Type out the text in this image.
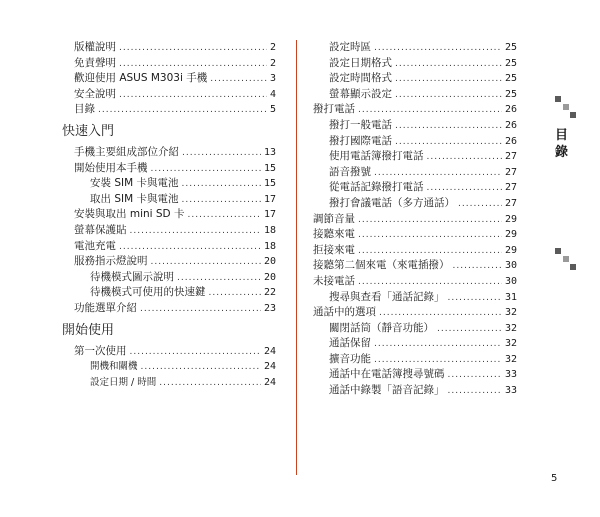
版權說明 .....	2
免責聲明 .....	2
歡迎使用 ASUS M303i 手機 .....	3
安全說明 .....	4
目錄 .....	5
快速入門
手機主要組成部位介紹 .....	13
開始使用本手機 .....	15
安裝 SIM 卡與電池 .....	15
取出 SIM 卡與電池 .....	17
安裝與取出 mini SD 卡 .....	17
螢幕保護貼 .....	18
電池充電 .....	18
服務指示燈說明 .....	20
待機模式圖示說明 .....	20
待機模式可使用的快速鍵 .....	22
功能選單介紹 .....	23
開始使用
第一次使用 .....	24
開機和關機 .....	24
設定日期 / 時間 .....	24
設定時區 .....	25
設定日期格式 .....	25
設定時間格式 .....	25
螢幕顯示設定 .....	25
撥打電話 .....	26
撥打一般電話 .....	26
撥打國際電話 .....	26
使用電話簿撥打電話 .....	27
語音撥號 .....	27
從電話記錄撥打電話 .....	27
撥打會議電話（多方通話） .....	27
調節音量 .....	29
接聽來電 .....	29
拒接來電 .....	29
接聽第二個來電（來電插撥） .....	30
未接電話 .....	30
搜尋與查看「通話記錄」 .....	31
通話中的選項 .....	32
關閉話筒（靜音功能） .....	32
通話保留 .....	32
擴音功能 .....	32
通話中在電話簿搜尋號碼 .....	33
通話中錄製「語音記錄」 .....	33
目
錄
5
